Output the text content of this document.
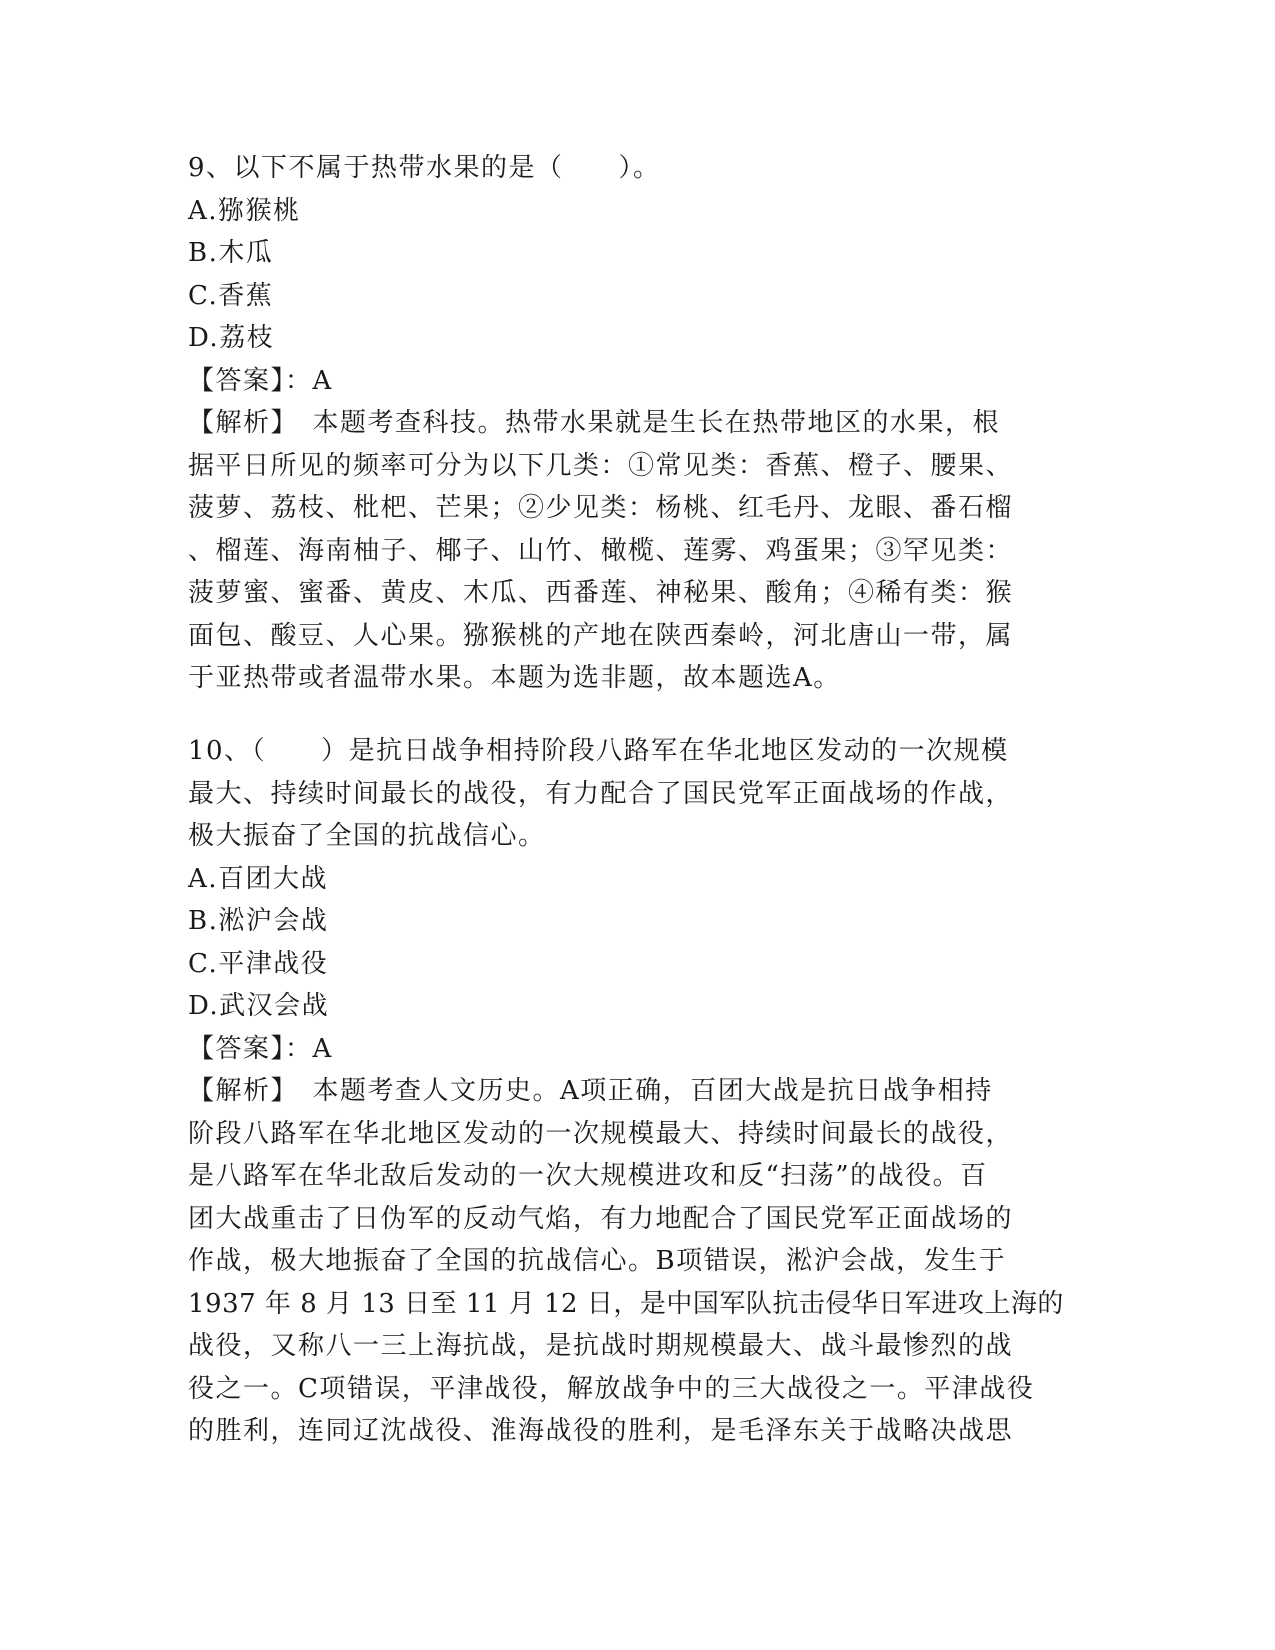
9、以下不属于热带水果的是（　　）。
A.猕猴桃
B.木瓜
C.香蕉
D.荔枝
【答案】：A
【解析】　本题考查科技。热带水果就是生长在热带地区的水果，根
据平日所见的频率可分为以下几类：①常见类：香蕉、橙子、腰果、
菠萝、荔枝、枇杷、芒果；②少见类：杨桃、红毛丹、龙眼、番石榴
、榴莲、海南柚子、椰子、山竹、橄榄、莲雾、鸡蛋果；③罕见类：
菠萝蜜、蜜番、黄皮、木瓜、西番莲、神秘果、酸角；④稀有类：猴
面包、酸豆、人心果。猕猴桃的产地在陕西秦岭，河北唐山一带，属
于亚热带或者温带水果。本题为选非题，故本题选A。
10、（　　）是抗日战争相持阶段八路军在华北地区发动的一次规模
最大、持续时间最长的战役，有力配合了国民党军正面战场的作战，
极大振奋了全国的抗战信心。
A.百团大战
B.淞沪会战
C.平津战役
D.武汉会战
【答案】：A
【解析】　本题考查人文历史。A项正确，百团大战是抗日战争相持
阶段八路军在华北地区发动的一次规模最大、持续时间最长的战役，
是八路军在华北敌后发动的一次大规模进攻和反“扫荡”的战役。百
团大战重击了日伪军的反动气焰，有力地配合了国民党军正面战场的
作战，极大地振奋了全国的抗战信心。B项错误，淞沪会战，发生于
1937 年 8 月 13 日至 11 月 12 日，是中国军队抗击侵华日军进攻上海的
战役，又称八一三上海抗战，是抗战时期规模最大、战斗最惨烈的战
役之一。C项错误，平津战役，解放战争中的三大战役之一。平津战役
的胜利，连同辽沈战役、淮海战役的胜利，是毛泽东关于战略决战思
